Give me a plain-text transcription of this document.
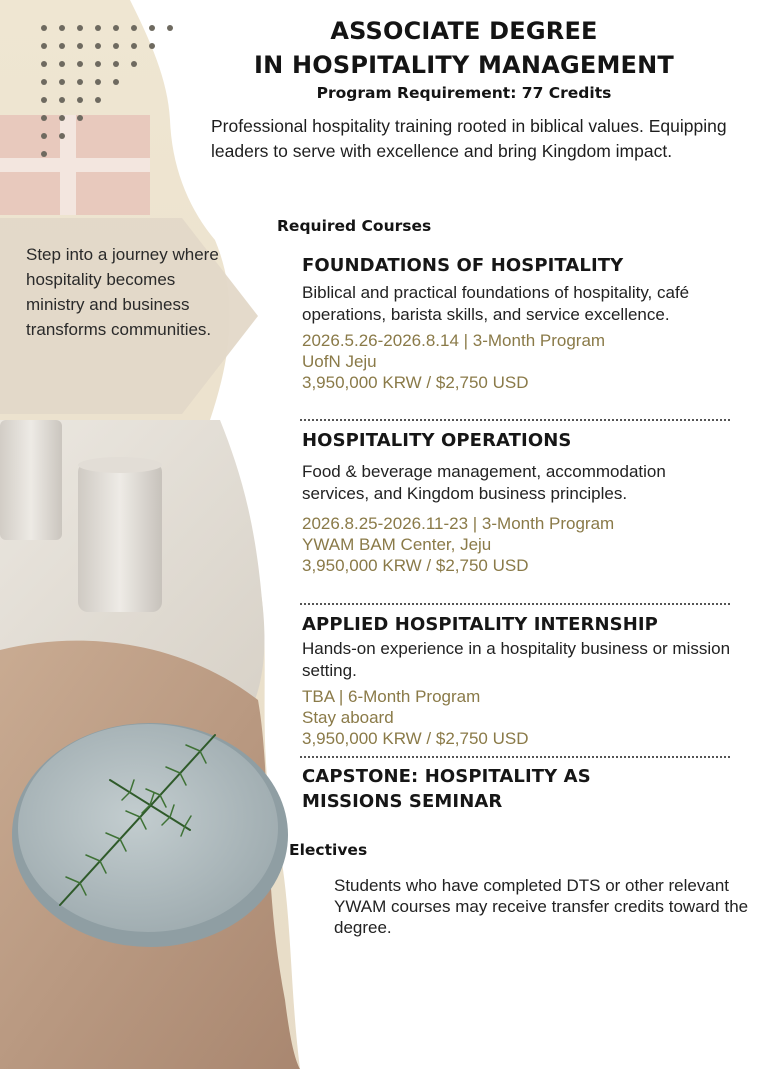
Step into a journey where hospitality becomes ministry and business transforms communities.

ASSOCIATE DEGREE

IN HOSPITALITY MANAGEMENT

Program Requirement: 77 Credits

Professional hospitality training rooted in biblical values. Equipping leaders to serve with excellence and bring Kingdom impact.
Required Courses
FOUNDATIONS OF HOSPITALITY
Biblical and practical foundations of hospitality, café operations, barista skills, and service excellence.
2026.5.26-2026.8.14 | 3-Month Program
UofN Jeju
3,950,000 KRW / $2,750 USD
HOSPITALITY OPERATIONS
Food & beverage management, accommodation services, and Kingdom business principles.
2026.8.25-2026.11-23 | 3-Month Program
YWAM BAM Center, Jeju
3,950,000 KRW / $2,750 USD
APPLIED HOSPITALITY INTERNSHIP
Hands-on experience in a hospitality business or mission setting.
TBA | 6-Month Program
Stay aboard
3,950,000 KRW / $2,750 USD
CAPSTONE: HOSPITALITY AS MISSIONS SEMINAR
Electives
Students who have completed DTS or other relevant YWAM courses may receive transfer credits toward the degree.
